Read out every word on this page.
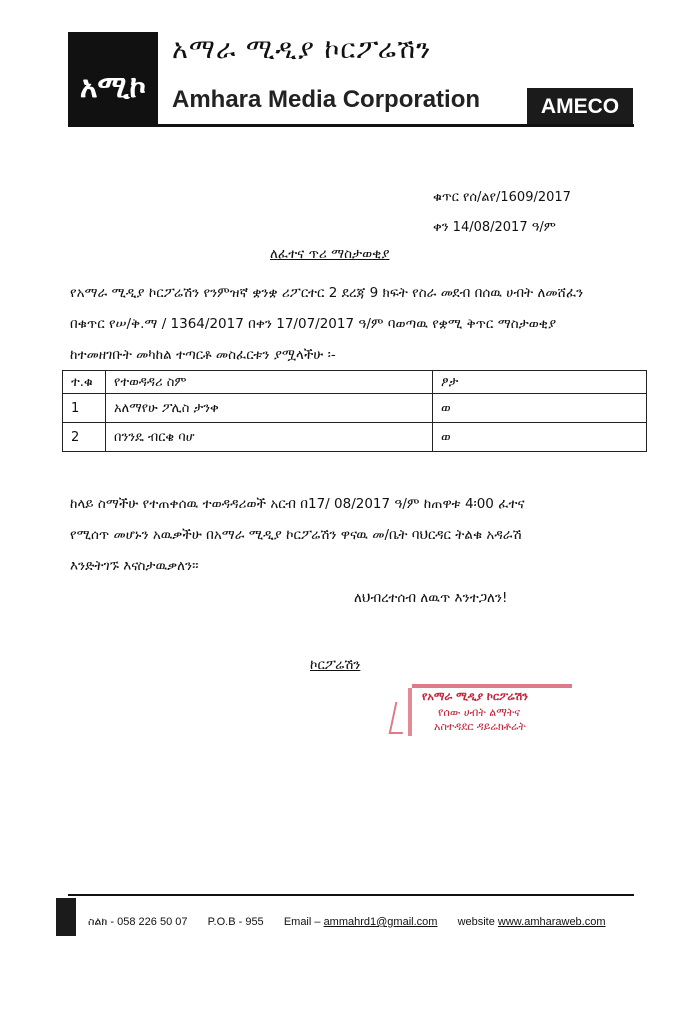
አሚኮ
አማራ ሚዲያ ኮርፖሬሽን
Amhara Media Corporation	AMECO
ቁጥር የሰ/ልየ/1609/2017
ቀን 14/08/2017 ዓ/ም
ለፈተና ጥሪ ማስታወቂያ
የአማራ ሚዲያ ኮርፖሬሽን የንምዝኛ ቋንቋ ሪፖርተር 2 ደረጃ 9 ክፍት የስራ መደብ በሰዉ ሀብት ለመሸፈን
በቁጥር የሠ/ቅ.ማ / 1364/2017 በቀን 17/07/2017 ዓ/ም ባወጣዉ የቋሚ ቅጥር ማስታወቂያ
ከተመዘገቡት መካከል ተጣርቶ መስፈርቱን ያሟላችሁ ፡-
ተ.ቁ	የተወዳዳሪ ስም	ፆታ
1	አለማየሁ ፖሊስ ታንቀ	ወ
2	በንንዴ ብርቄ ባሆ	ወ
ከላይ ስማችሁ የተጠቀሰዉ ተወዳዳሪወች አርብ በ17/ 08/2017 ዓ/ም ከጠዋቱ 4፡00 ፈተና
የሚሰጥ መሆኑን አዉቃችሁ በአማራ ሚዲያ ኮርፖሬሽን ዋናዉ መ/ቤት ባህርዳር ትልቁ አዳራሽ
እንድትገኙ እናስታዉቃለን፡፡
ለህብረተሰብ ለዉጥ እንተጋለን!
ኮርፖሬሽን
የአማራ ሚዲያ ኮርፖሬሽን
የሰው ሀብት ልማትና
አስተዳደር ዳይሬክቶሬት
ስልክ - 058 226 50 07 P.O.B - 955 Email – ammahrd1@gmail.com website www.amharaweb.com
